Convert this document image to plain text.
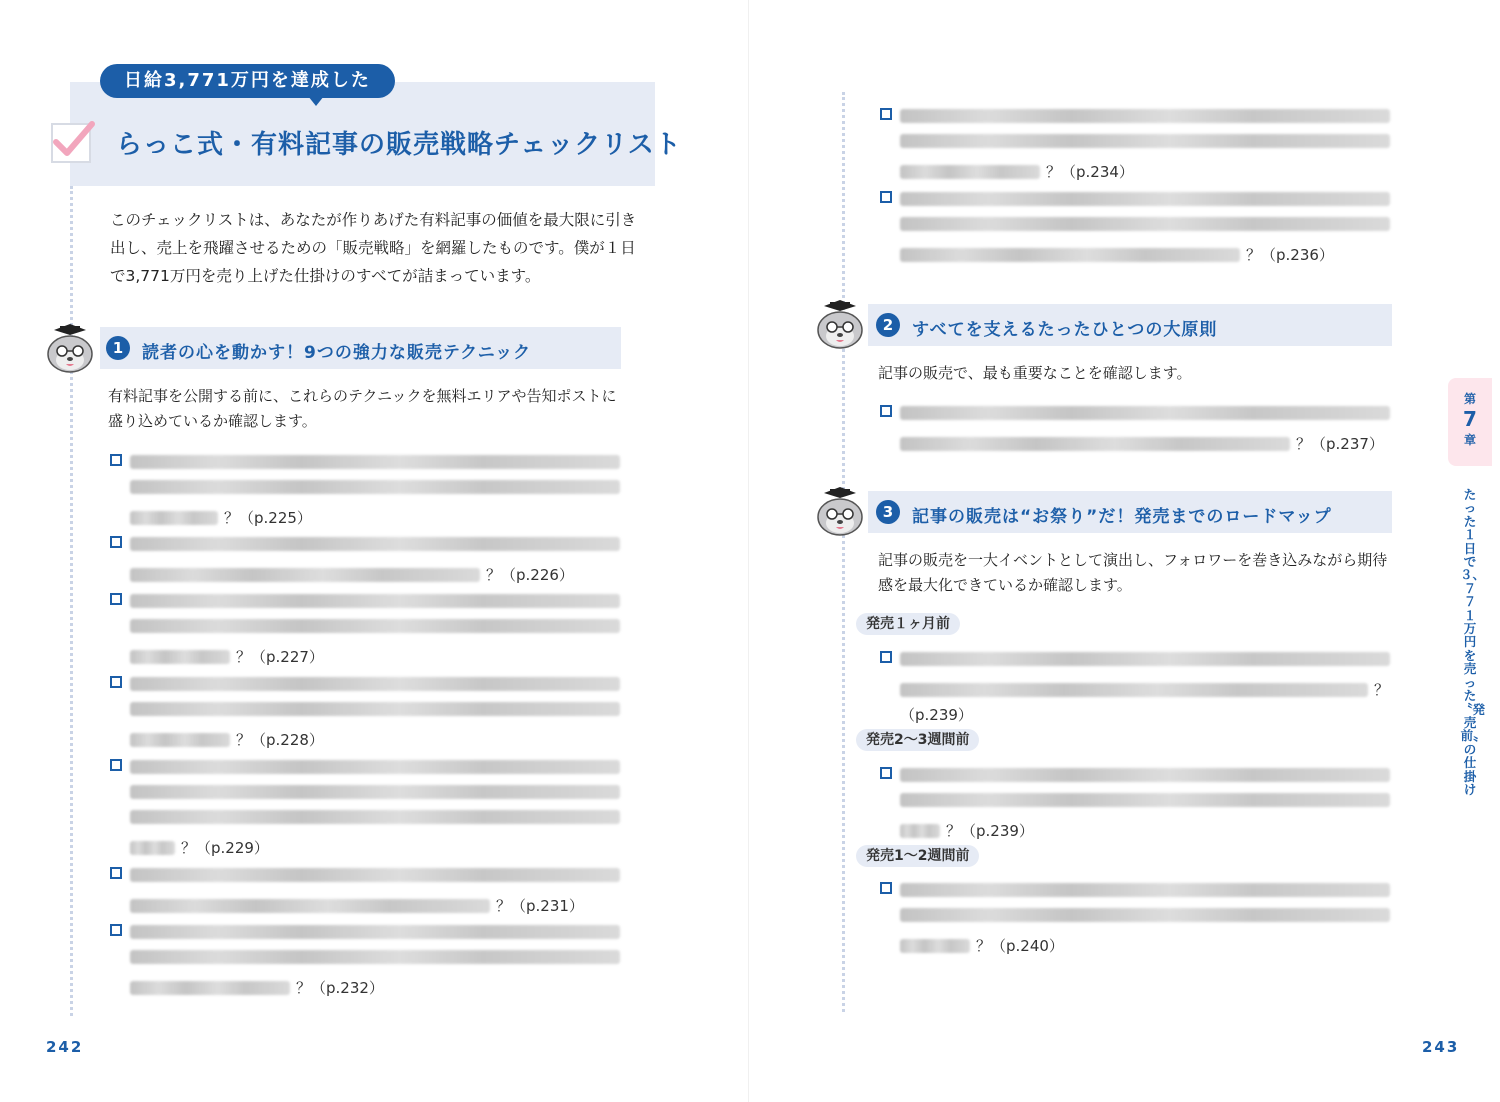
日給3,771万円を達成した
らっこ式・有料記事の販売戦略チェックリスト
このチェックリストは、あなたが作りあげた有料記事の価値を最大限に引き出し、売上を飛躍させるための「販売戦略」を網羅したものです。僕が１日で3,771万円を売り上げた仕掛けのすべてが詰まっています。
1	読者の心を動かす！9つの強力な販売テクニック
有料記事を公開する前に、これらのテクニックを無料エリアや告知ポストに盛り込めているか確認します。
？（p.225）
？（p.226）
？（p.227）
？（p.228）
？（p.229）
？（p.231）
？（p.232）
242
？（p.234）
？（p.236）
2	すべてを支えるたったひとつの大原則
記事の販売で、最も重要なことを確認します。
？（p.237）
3	記事の販売は“お祭り”だ！発売までのロードマップ
記事の販売を一大イベントとして演出し、フォロワーを巻き込みながら期待感を最大化できているか確認します。
発売１ヶ月前
？
（p.239）
発売2〜3週間前
？（p.239）
発売1〜2週間前
？（p.240）
243
第
7
章
たった１日で３、７７１万円を売った〝発売前〟の仕掛け
